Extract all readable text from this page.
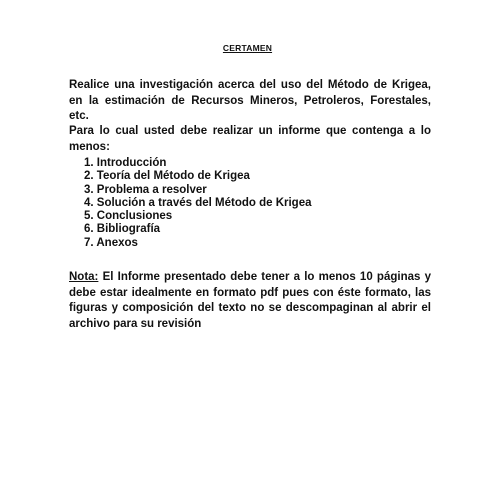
CERTAMEN

Realice una investigación acerca del uso del Método de Krigea, en la estimación de Recursos Mineros, Petroleros, Forestales, etc.

Para lo cual usted debe realizar un informe que contenga a lo menos:

1. Introducción
2. Teoría del Método de Krigea
3. Problema a resolver
4. Solución a través del Método de Krigea
5. Conclusiones
6. Bibliografía
7. Anexos

Nota: El Informe presentado debe tener a lo menos 10 páginas y debe estar idealmente en formato pdf pues con éste formato, las figuras y composición del texto no se descompaginan al abrir el archivo para su revisión
